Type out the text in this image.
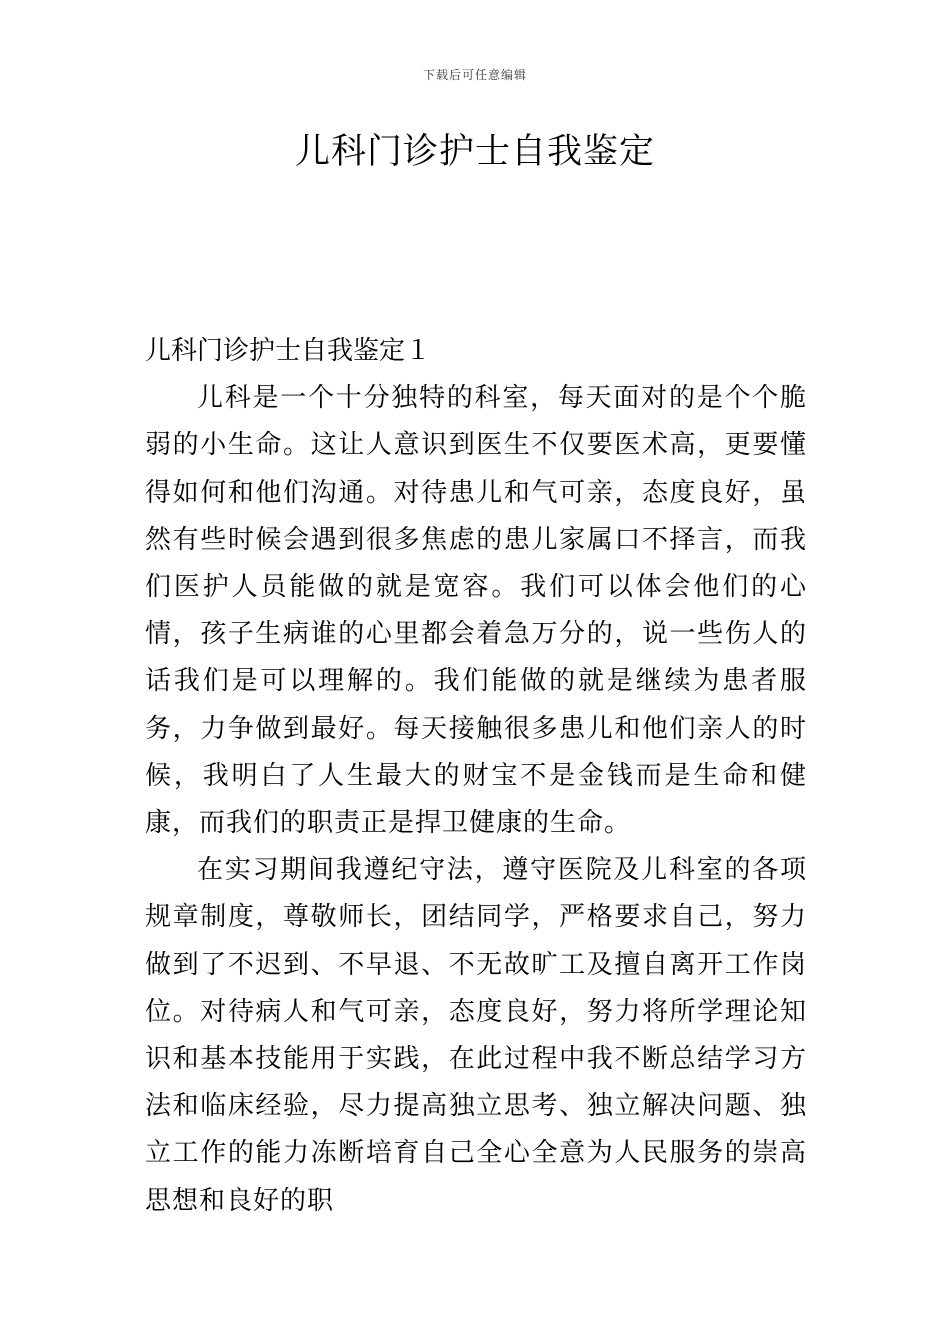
下载后可任意编辑
儿科门诊护士自我鉴定
儿科门诊护士自我鉴定１

儿科是一个十分独特的科室，每天面对的是个个脆弱的小生命。这让人意识到医生不仅要医术高，更要懂得如何和他们沟通。对待患儿和气可亲，态度良好，虽然有些时候会遇到很多焦虑的患儿家属口不择言，而我们医护人员能做的就是宽容。我们可以体会他们的心情，孩子生病谁的心里都会着急万分的，说一些伤人的话我们是可以理解的。我们能做的就是继续为患者服务，力争做到最好。每天接触很多患儿和他们亲人的时候，我明白了人生最大的财宝不是金钱而是生命和健康，而我们的职责正是捍卫健康的生命。

在实习期间我遵纪守法，遵守医院及儿科室的各项规章制度，尊敬师长，团结同学，严格要求自己，努力做到了不迟到、不早退、不无故旷工及擅自离开工作岗位。对待病人和气可亲，态度良好，努力将所学理论知识和基本技能用于实践，在此过程中我不断总结学习方法和临床经验，尽力提高独立思考、独立解决问题、独立工作的能力冻断培育自己全心全意为人民服务的崇高思想和良好的职
